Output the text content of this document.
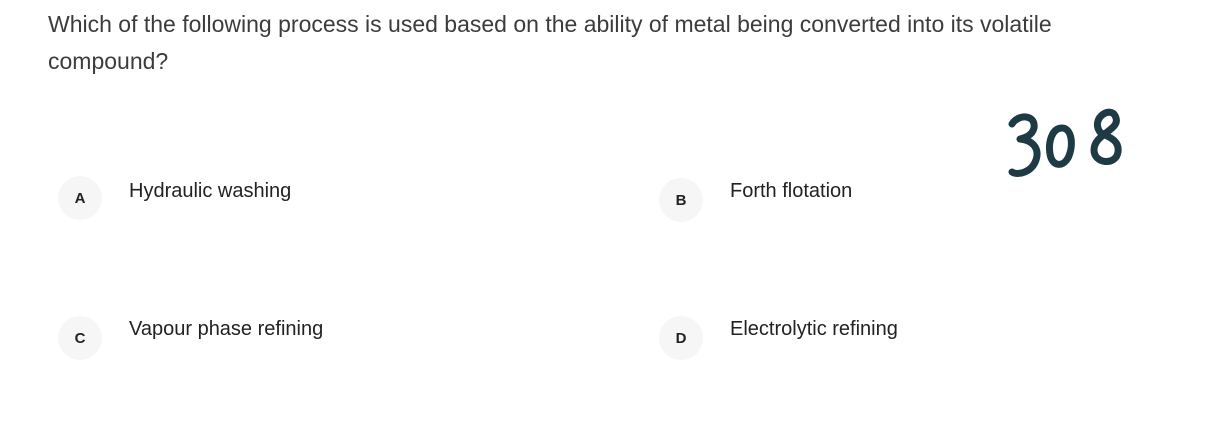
Which of the following process is used based on the ability of metal being converted into its volatile compound?

A	Hydraulic washing	B	Forth flotation
C	Vapour phase refining	D	Electrolytic refining
